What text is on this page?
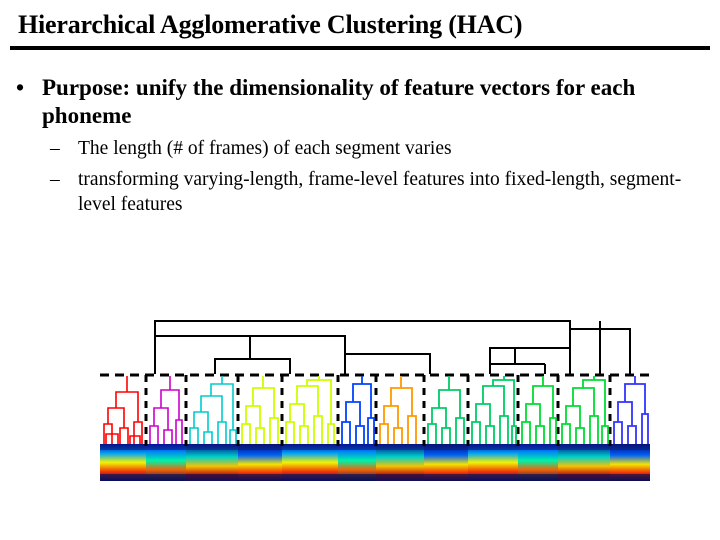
Hierarchical Agglomerative Clustering (HAC)
• Purpose: unify the dimensionality of feature vectors for each phoneme
– The length (# of frames) of each segment varies
– transforming varying-length, frame-level features into fixed-length, segment-level features
